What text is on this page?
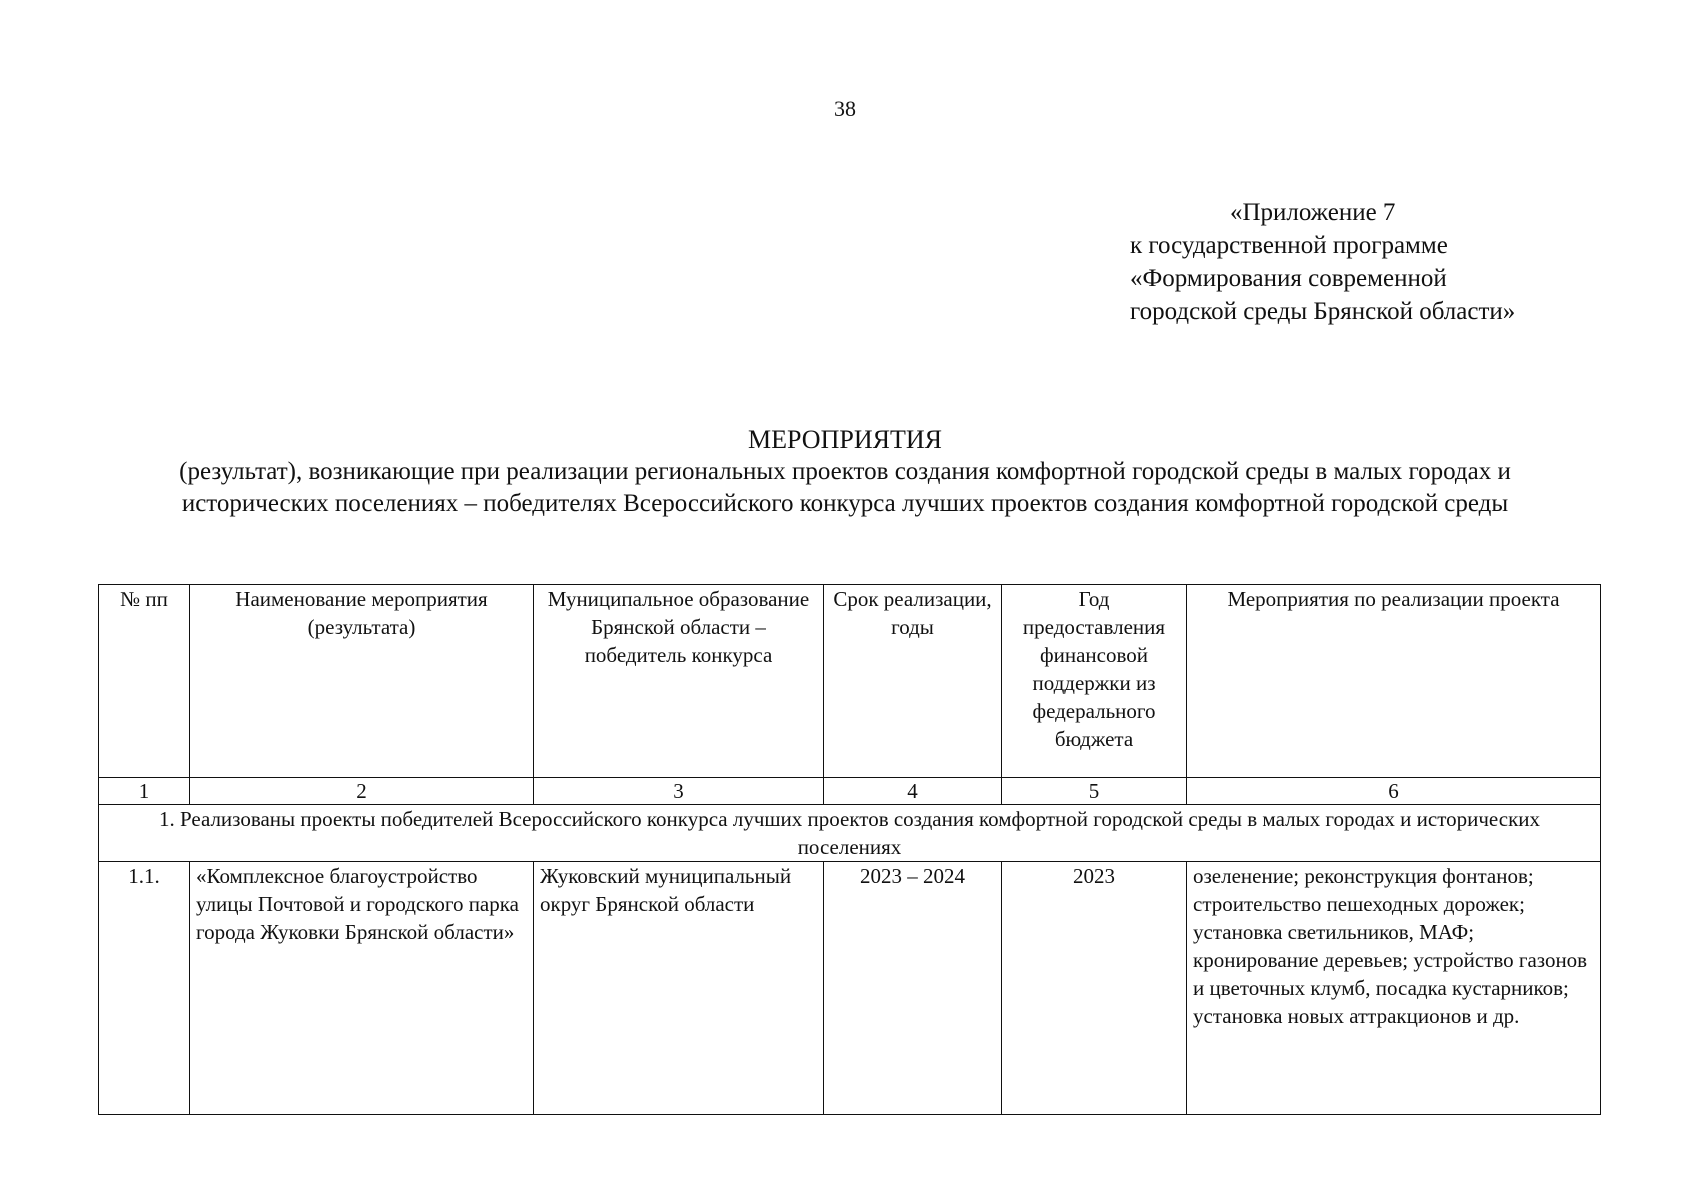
38
«Приложение 7
к государственной программе
«Формирования современной
городской среды Брянской области»
МЕРОПРИЯТИЯ
(результат), возникающие при реализации региональных проектов создания комфортной городской среды в малых городах и исторических поселениях – победителях Всероссийского конкурса лучших проектов создания комфортной городской среды
№ пп	Наименование мероприятия (результата)	Муниципальное образование Брянской области – победитель конкурса	Срок реализации, годы	Год предоставления финансовой поддержки из федерального бюджета	Мероприятия по реализации проекта
1	2	3	4	5	6
1. Реализованы проекты победителей Всероссийского конкурса лучших проектов создания комфортной городской среды в малых городах и исторических поселениях					
1.1.	«Комплексное благоустройство улицы Почтовой и городского парка города Жуковки Брянской области»	Жуковский муниципальный округ Брянской области	2023 – 2024	2023	озеленение; реконструкция фонтанов; строительство пешеходных дорожек; установка светильников, МАФ; кронирование деревьев; устройство газонов и цветочных клумб, посадка кустарников; установка новых аттракционов и др.
